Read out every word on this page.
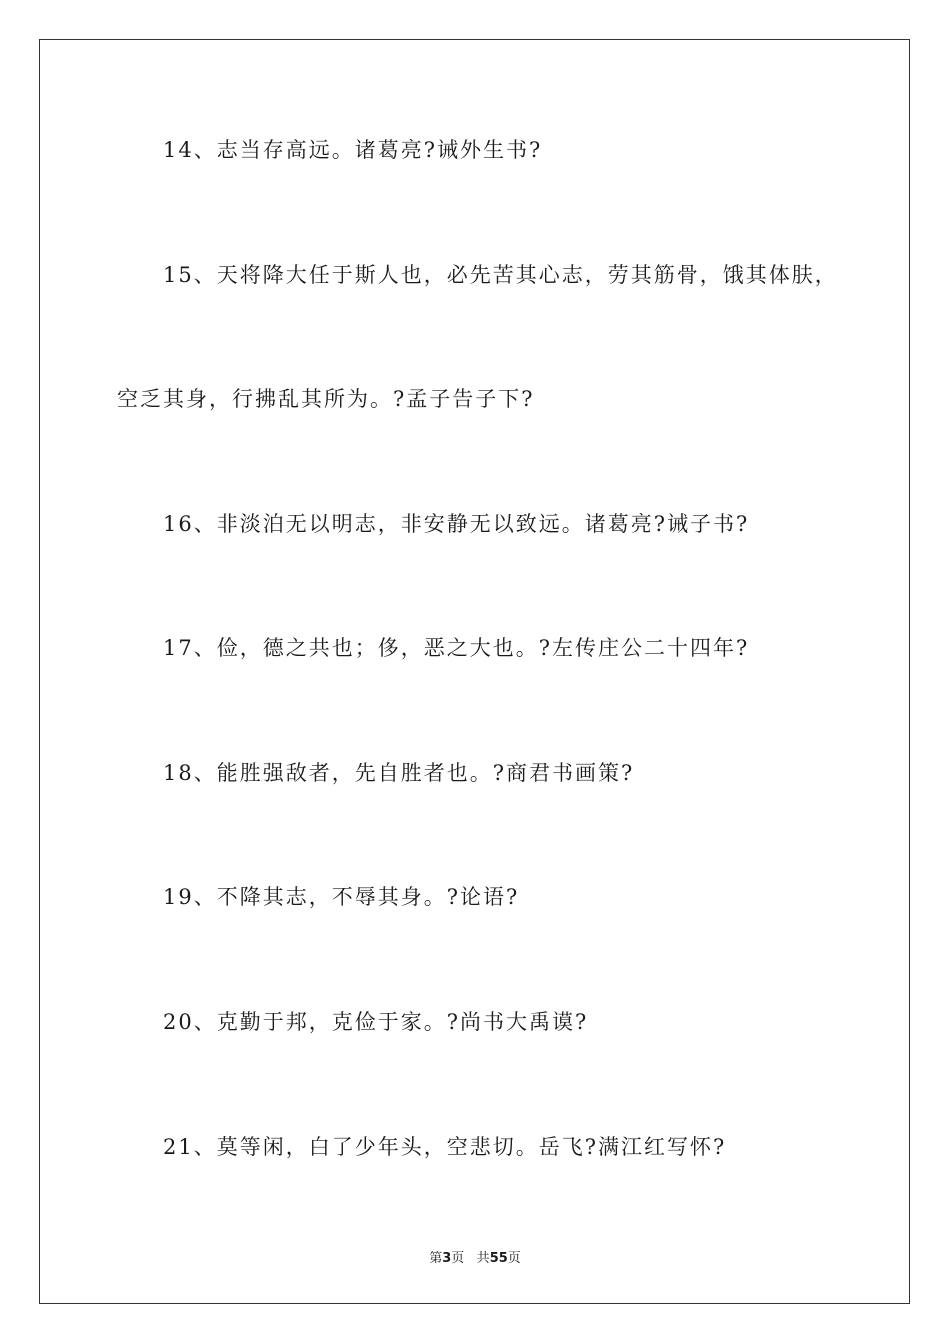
14、志当存高远。诸葛亮?诫外生书?
15、天将降大任于斯人也，必先苦其心志，劳其筋骨，饿其体肤，
空乏其身，行拂乱其所为。?孟子告子下?
16、非淡泊无以明志，非安静无以致远。诸葛亮?诫子书?
17、俭，德之共也；侈，恶之大也。?左传庄公二十四年?
18、能胜强敌者，先自胜者也。?商君书画策?
19、不降其志，不辱其身。?论语?
20、克勤于邦，克俭于家。?尚书大禹谟?
21、莫等闲，白了少年头，空悲切。岳飞?满江红写怀?
第3页 共55页
